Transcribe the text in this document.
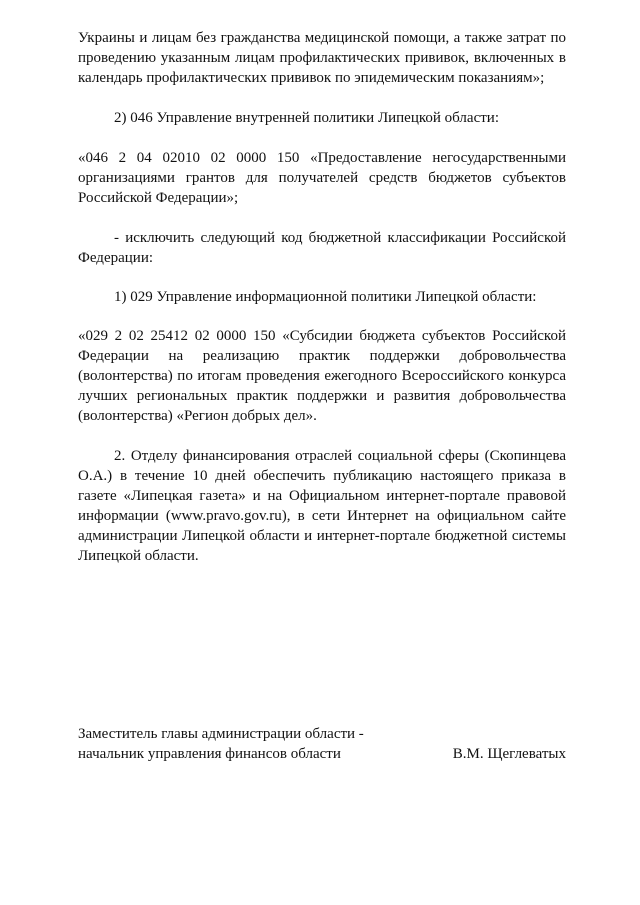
Украины и лицам без гражданства медицинской помощи, а также затрат по проведению указанным лицам профилактических прививок, включенных в календарь профилактических прививок по эпидемическим показаниям»;

2) 046 Управление внутренней политики Липецкой области:

«046 2 04 02010 02 0000 150 «Предоставление негосударственными организациями грантов для получателей средств бюджетов субъектов Российской Федерации»;

- исключить следующий код бюджетной классификации Российской Федерации:

1) 029 Управление информационной политики Липецкой области:

«029 2 02 25412 02 0000 150 «Субсидии бюджета субъектов Российской Федерации на реализацию практик поддержки добровольчества (волонтерства) по итогам проведения ежегодного Всероссийского конкурса лучших региональных практик поддержки и развития добровольчества (волонтерства) «Регион добрых дел».

2. Отделу финансирования отраслей социальной сферы (Скопинцева О.А.) в течение 10 дней обеспечить публикацию настоящего приказа в газете «Липецкая газета» и на Официальном интернет-портале правовой информации (www.pravo.gov.ru), в сети Интернет на официальном сайте администрации Липецкой области и интернет-портале бюджетной системы Липецкой области.

Заместитель главы администрации области -
начальник управления финансов области	В.М. Щеглеватых
